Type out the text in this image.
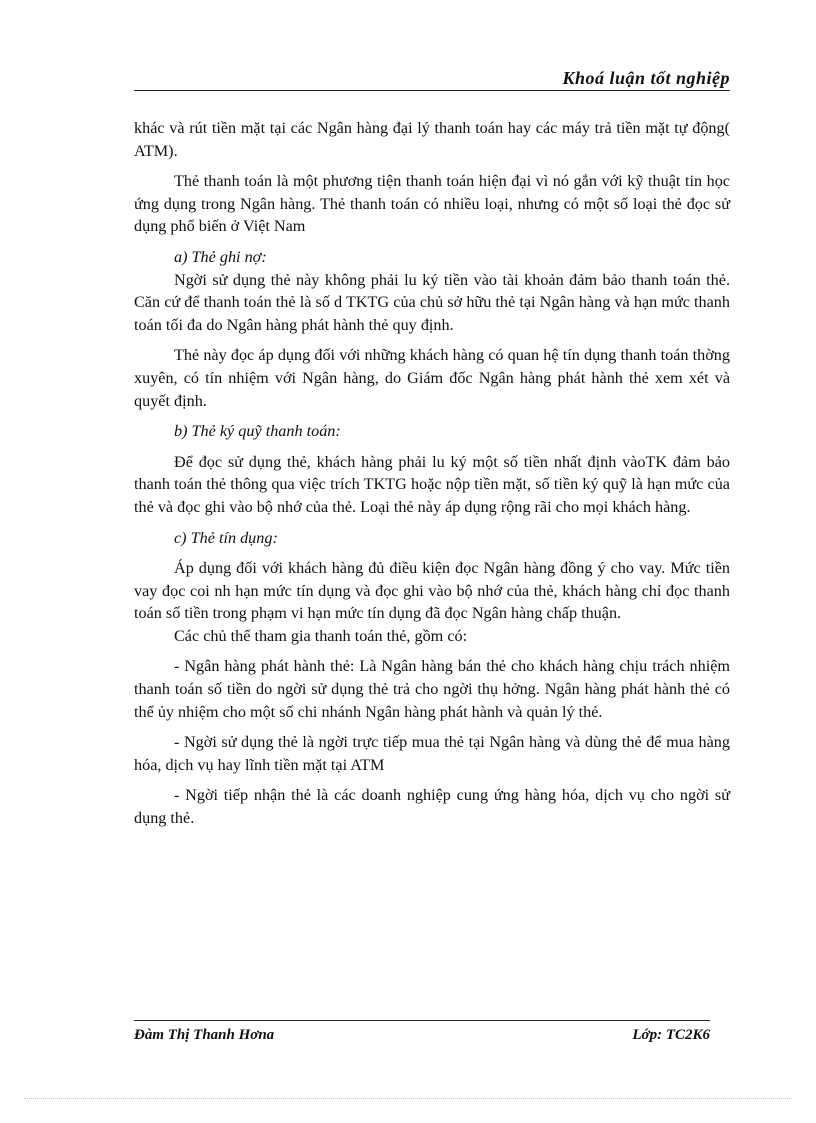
Khoá luận tốt nghiệp

khác và rút tiền mặt tại các Ngân hàng đại lý thanh toán hay các máy trả tiền mặt tự động( ATM).

Thẻ thanh toán là một phương tiện thanh toán hiện đại vì nó gắn với kỹ thuật tin học ứng dụng trong Ngân hàng. Thẻ thanh toán có nhiều loại, nhưng có một số loại thẻ đọc sử dụng phổ biến ở Việt Nam

a) Thẻ ghi nợ:

Ngời sử dụng thẻ này không phải lu ký tiền vào tài khoản đảm bảo thanh toán thẻ. Căn cứ để thanh toán thẻ là số d TKTG của chủ sở hữu thẻ tại Ngân hàng và hạn mức thanh toán tối đa do Ngân hàng phát hành thẻ quy định.

Thẻ này đọc áp dụng đối với những khách hàng có quan hệ tín dụng thanh toán thờng xuyên, có tín nhiệm với Ngân hàng, do Giám đốc Ngân hàng phát hành thẻ xem xét và quyết định.

b) Thẻ ký quỹ thanh toán:

Để đọc sử dụng thẻ, khách hàng phải lu ký một số tiền nhất định vàoTK đảm bảo thanh toán thẻ thông qua việc trích TKTG hoặc nộp tiền mặt, số tiền ký quỹ là hạn mức của thẻ và đọc ghi vào bộ nhớ của thẻ. Loại thẻ này áp dụng rộng rãi cho mọi khách hàng.

c) Thẻ tín dụng:

Áp dụng đối với khách hàng đủ điều kiện đọc Ngân hàng đồng ý cho vay. Mức tiền vay đọc coi nh hạn mức tín dụng và đọc ghi vào bộ nhớ của thẻ, khách hàng chỉ đọc thanh toán số tiền trong phạm vi hạn mức tín dụng đã đọc Ngân hàng chấp thuận.

Các chủ thể tham gia thanh toán thẻ, gồm có:

- Ngân hàng phát hành thẻ: Là Ngân hàng bán thẻ cho khách hàng chịu trách nhiệm thanh toán số tiền do ngời sử dụng thẻ trả cho ngời thụ hởng. Ngân hàng phát hành thẻ có thể ủy nhiệm cho một số chi nhánh Ngân hàng phát hành và quản lý thẻ.

- Ngời sử dụng thẻ là ngời trực tiếp mua thẻ tại Ngân hàng và dùng thẻ để mua hàng hóa, dịch vụ hay lĩnh tiền mặt tại ATM

- Ngời tiếp nhận thẻ là các doanh nghiệp cung ứng hàng hóa, dịch vụ cho ngời sử dụng thẻ.

Đàm Thị Thanh Hơna	Lớp: TC2K6
